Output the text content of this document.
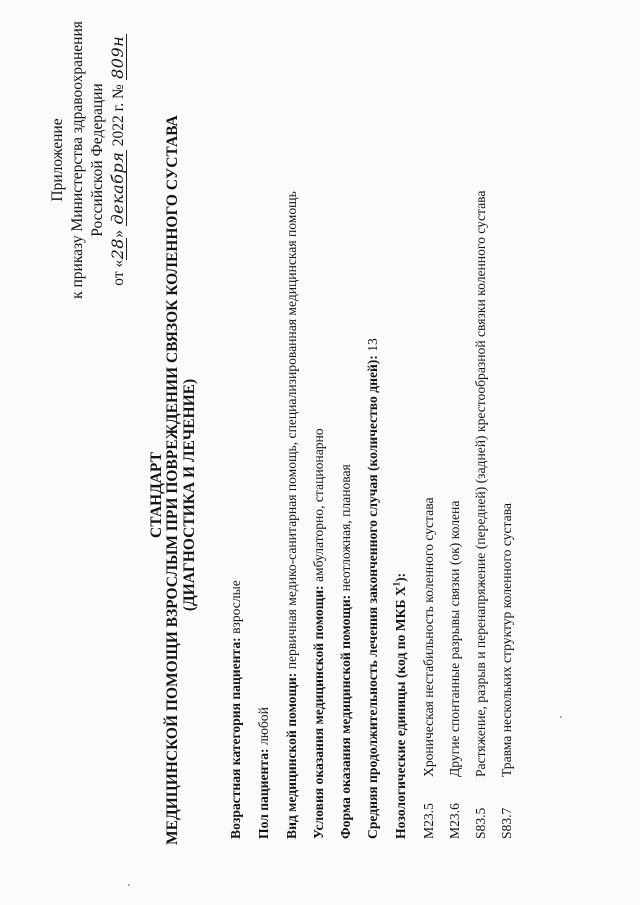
Приложение к приказу Министерства здравоохранения Российской Федерации
от «28» декабря 2022 г. № 809н
СТАНДАРТ МЕДИЦИНСКОЙ ПОМОЩИ ВЗРОСЛЫМ ПРИ ПОВРЕЖДЕНИИ СВЯЗОК КОЛЕННОГО СУСТАВА (ДИАГНОСТИКА И ЛЕЧЕНИЕ)
Возрастная категория пациента: взрослые
Пол пациента: любой Вид медицинской помощи: первичная медико-санитарная помощь, специализированная медицинская помощь
Условия оказания медицинской помощи: амбулаторно, стационарно
Форма оказания медицинской помощи: неотложная, плановая Средняя продолжительность лечения законченного случая (количество дней): 13
Нозологические единицы (код по МКБ $X^1$):
M23.5
Хроническая нестабильность коленного сустава
M23.6
Другие спонтанные разрывы связки (ок) колена
S83.5
Растяжение, разрыв и перенапряжение (передней) (задней) крестообразной связки коленного сустава
S83.7
Травма нескольких структур коленного сустава
